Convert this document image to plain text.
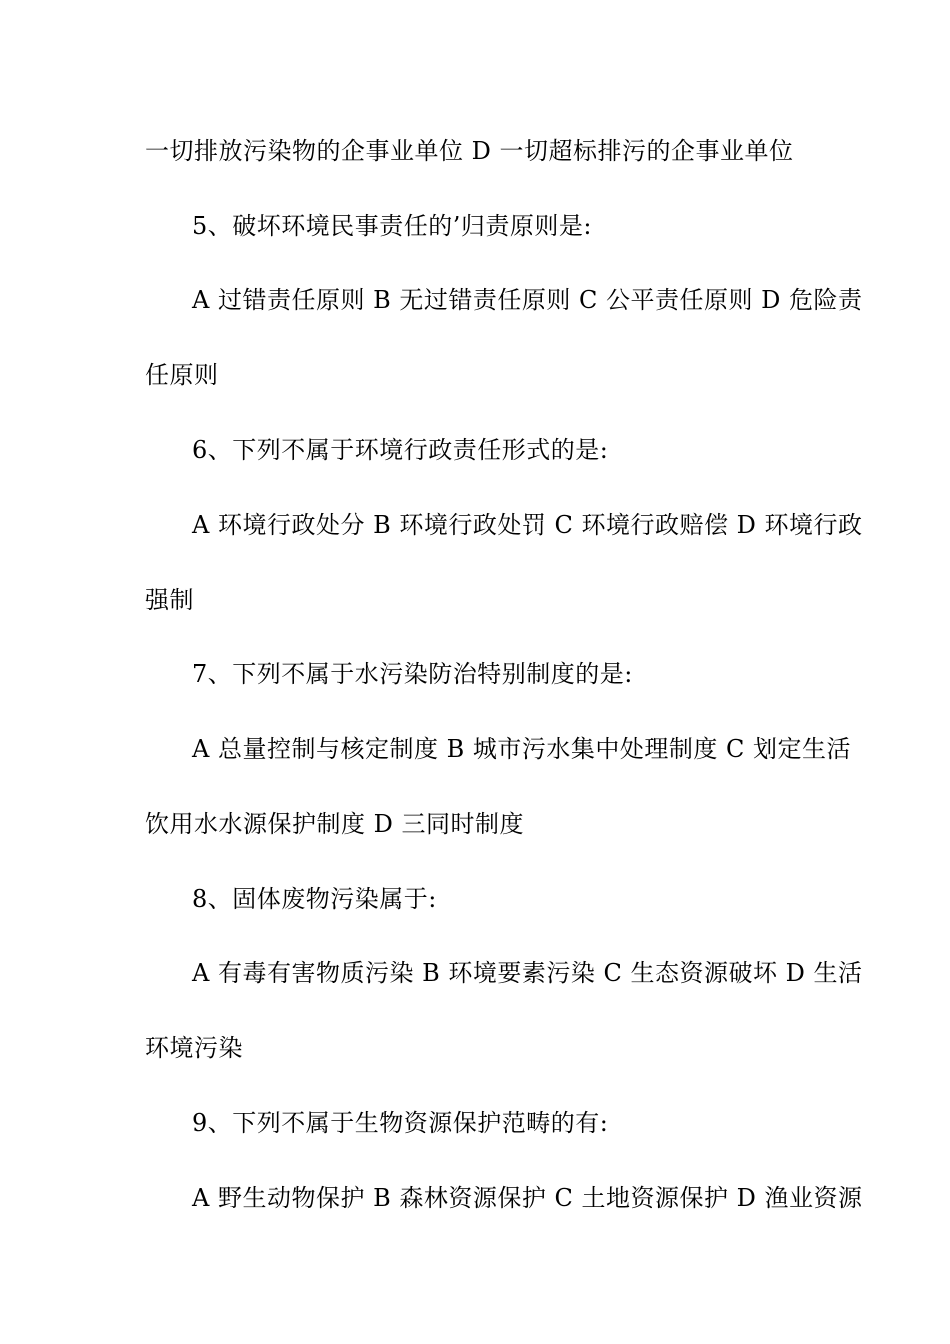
一切排放污染物的企事业单位 D 一切超标排污的企事业单位
5、破坏环境民事责任的’归责原则是:
A 过错责任原则 B 无过错责任原则 C 公平责任原则 D 危险责
任原则
6、下列不属于环境行政责任形式的是:
A 环境行政处分 B 环境行政处罚 C 环境行政赔偿 D 环境行政
强制
7、下列不属于水污染防治特别制度的是:
A 总量控制与核定制度 B 城市污水集中处理制度 C 划定生活
饮用水水源保护制度 D 三同时制度
8、固体废物污染属于:
A 有毒有害物质污染 B 环境要素污染 C 生态资源破坏 D 生活
环境污染
9、下列不属于生物资源保护范畴的有:
A 野生动物保护 B 森林资源保护 C 土地资源保护 D 渔业资源
